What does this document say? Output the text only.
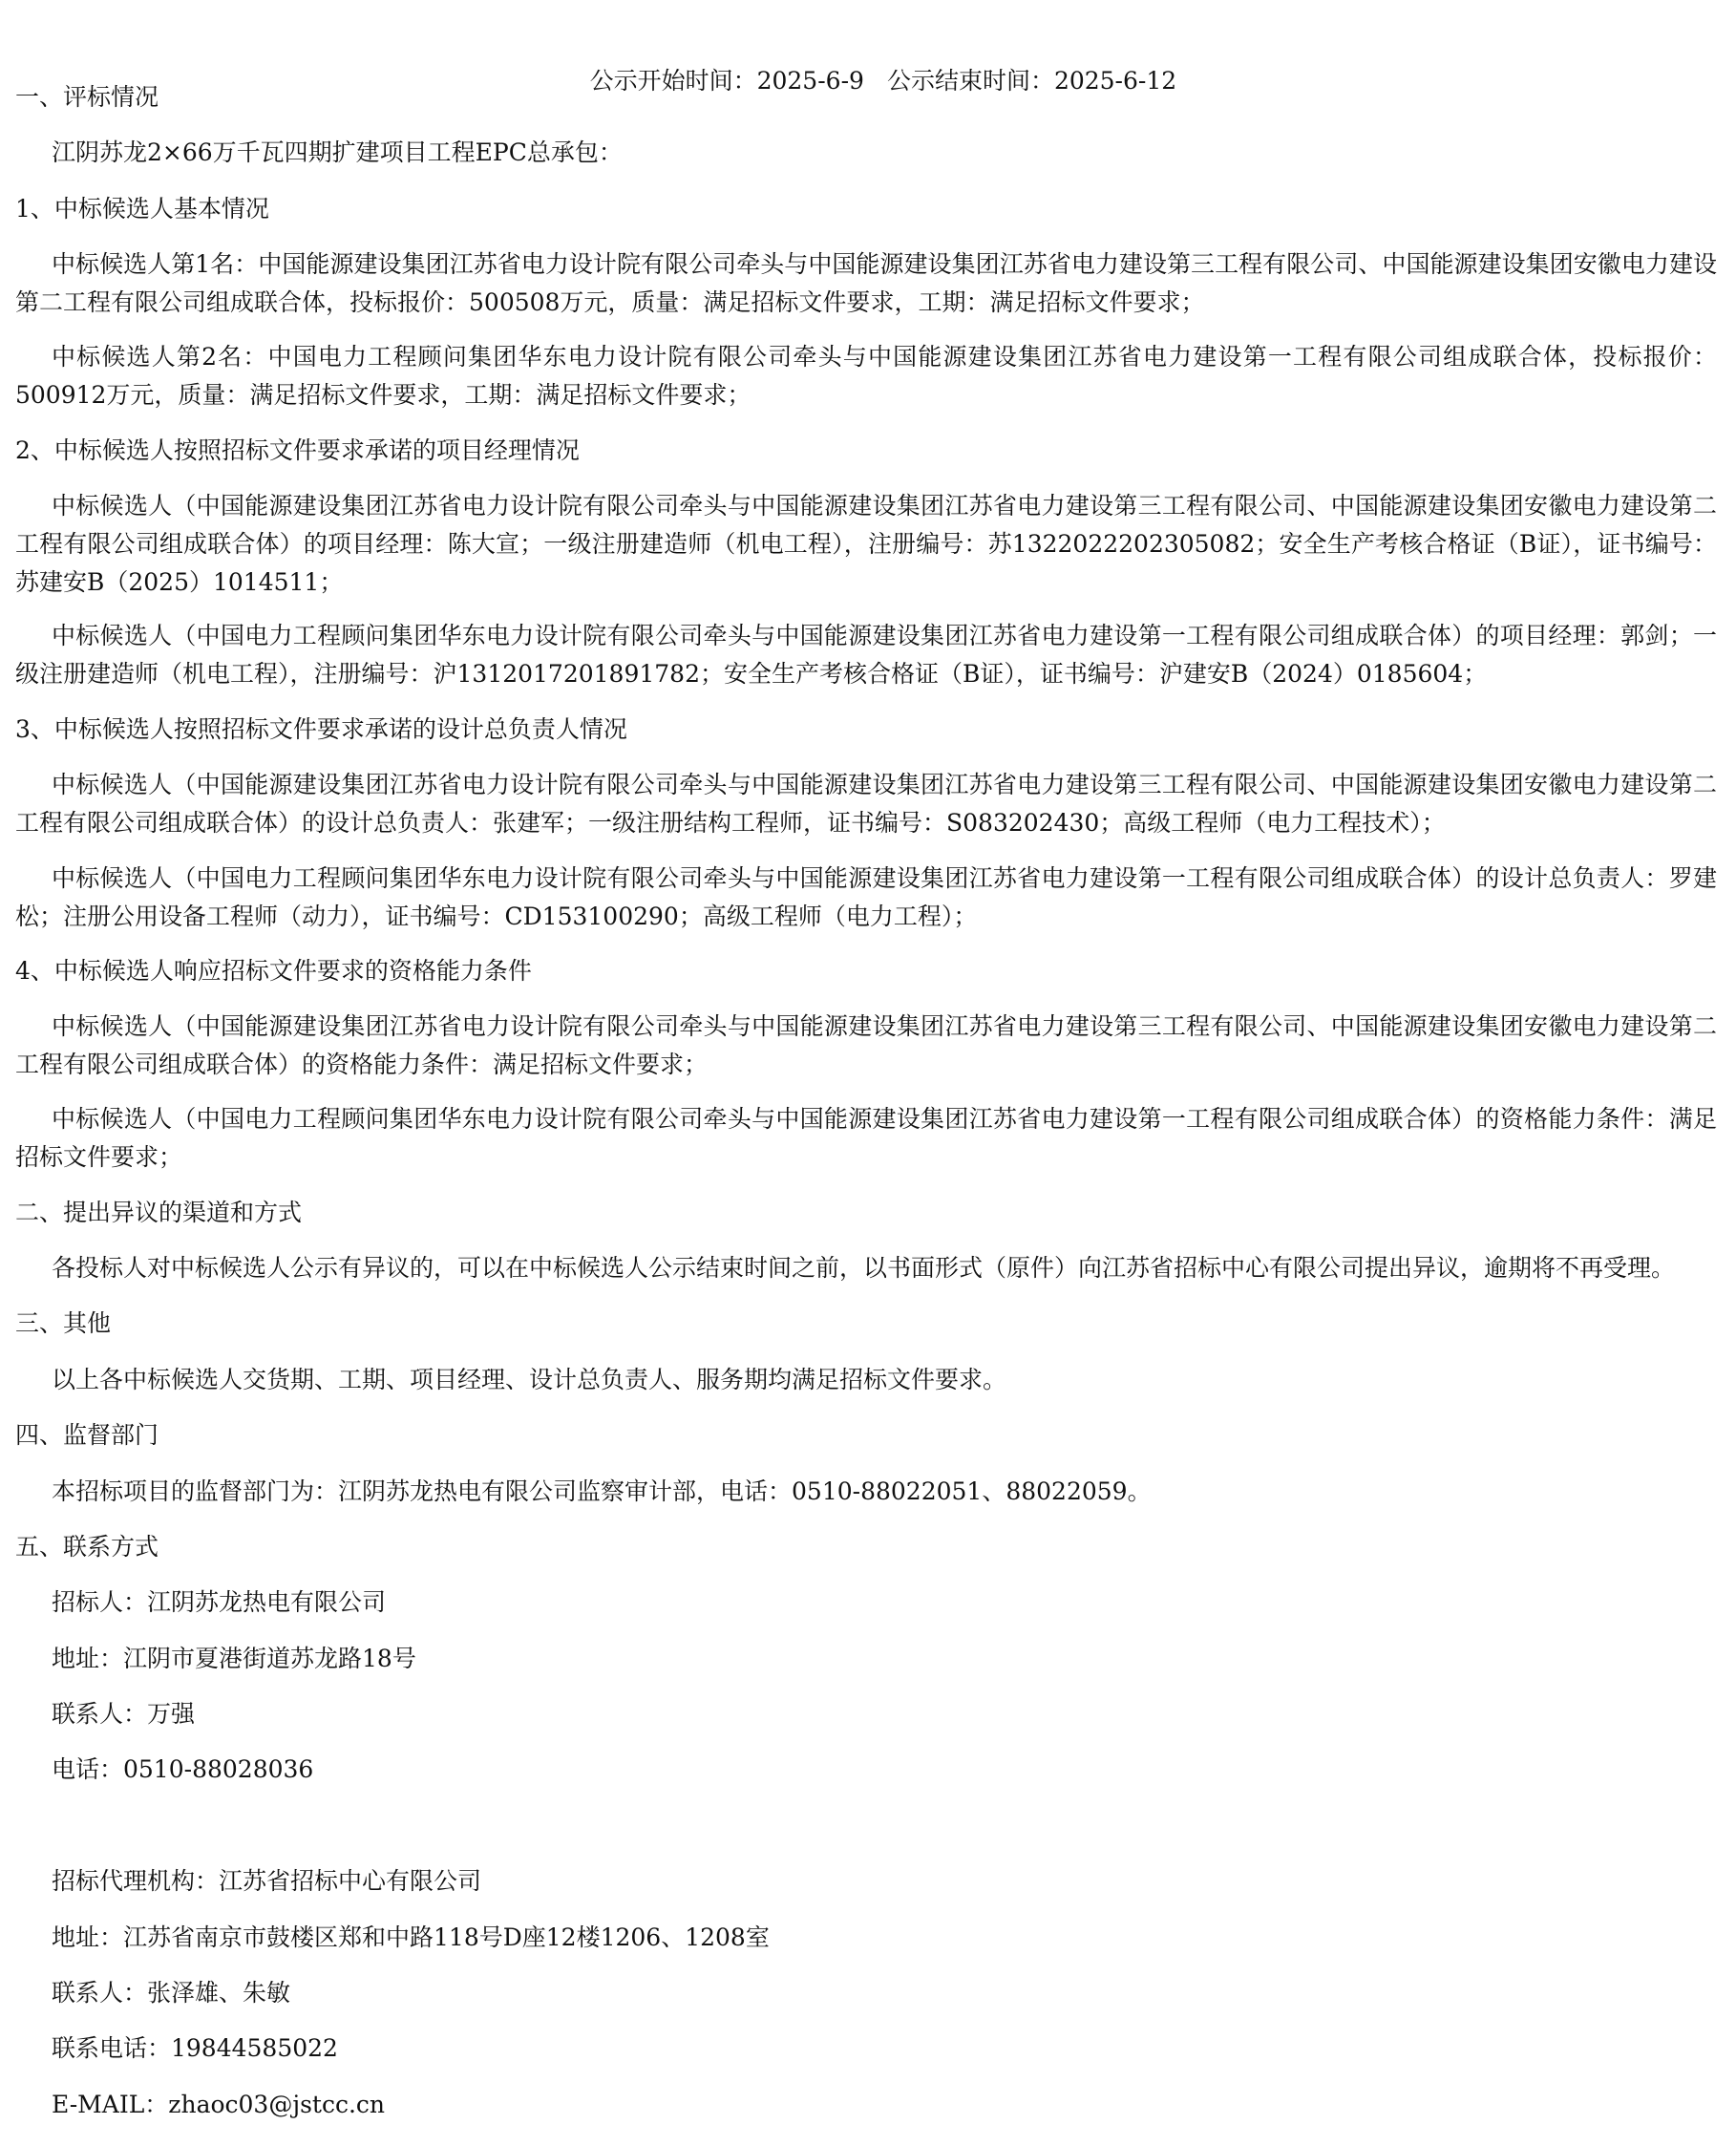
公示开始时间：2025-6-9 公示结束时间：2025-6-12

一、评标情况
江阴苏龙2×66万千瓦四期扩建项目工程EPC总承包：
1、中标候选人基本情况
中标候选人第1名：中国能源建设集团江苏省电力设计院有限公司牵头与中国能源建设集团江苏省电力建设第三工程有限公司、中国能源建设集团安徽电力建设第二工程有限公司组成联合体，投标报价：500508万元，质量：满足招标文件要求，工期：满足招标文件要求；
中标候选人第2名：中国电力工程顾问集团华东电力设计院有限公司牵头与中国能源建设集团江苏省电力建设第一工程有限公司组成联合体，投标报价：500912万元，质量：满足招标文件要求，工期：满足招标文件要求；
2、中标候选人按照招标文件要求承诺的项目经理情况
中标候选人（中国能源建设集团江苏省电力设计院有限公司牵头与中国能源建设集团江苏省电力建设第三工程有限公司、中国能源建设集团安徽电力建设第二工程有限公司组成联合体）的项目经理：陈大宣；一级注册建造师（机电工程），注册编号：苏1322022202305082；安全生产考核合格证（B证），证书编号：苏建安B（2025）1014511；
中标候选人（中国电力工程顾问集团华东电力设计院有限公司牵头与中国能源建设集团江苏省电力建设第一工程有限公司组成联合体）的项目经理：郭剑；一级注册建造师（机电工程），注册编号：沪1312017201891782；安全生产考核合格证（B证），证书编号：沪建安B（2024）0185604；
3、中标候选人按照招标文件要求承诺的设计总负责人情况
中标候选人（中国能源建设集团江苏省电力设计院有限公司牵头与中国能源建设集团江苏省电力建设第三工程有限公司、中国能源建设集团安徽电力建设第二工程有限公司组成联合体）的设计总负责人：张建军；一级注册结构工程师，证书编号：S083202430；高级工程师（电力工程技术）；
中标候选人（中国电力工程顾问集团华东电力设计院有限公司牵头与中国能源建设集团江苏省电力建设第一工程有限公司组成联合体）的设计总负责人：罗建松；注册公用设备工程师（动力），证书编号：CD153100290；高级工程师（电力工程）；
4、中标候选人响应招标文件要求的资格能力条件
中标候选人（中国能源建设集团江苏省电力设计院有限公司牵头与中国能源建设集团江苏省电力建设第三工程有限公司、中国能源建设集团安徽电力建设第二工程有限公司组成联合体）的资格能力条件：满足招标文件要求；
中标候选人（中国电力工程顾问集团华东电力设计院有限公司牵头与中国能源建设集团江苏省电力建设第一工程有限公司组成联合体）的资格能力条件：满足招标文件要求；
二、提出异议的渠道和方式
各投标人对中标候选人公示有异议的，可以在中标候选人公示结束时间之前，以书面形式（原件）向江苏省招标中心有限公司提出异议，逾期将不再受理。
三、其他
以上各中标候选人交货期、工期、项目经理、设计总负责人、服务期均满足招标文件要求。
四、监督部门
本招标项目的监督部门为：江阴苏龙热电有限公司监察审计部，电话：0510-88022051、88022059。
五、联系方式
招标人：江阴苏龙热电有限公司
地址：江阴市夏港街道苏龙路18号
联系人：万强
电话：0510-88028036
招标代理机构：江苏省招标中心有限公司
地址：江苏省南京市鼓楼区郑和中路118号D座12楼1206、1208室
联系人：张泽雄、朱敏
联系电话：19844585022
E-MAIL：zhaoc03@jstcc.cn
